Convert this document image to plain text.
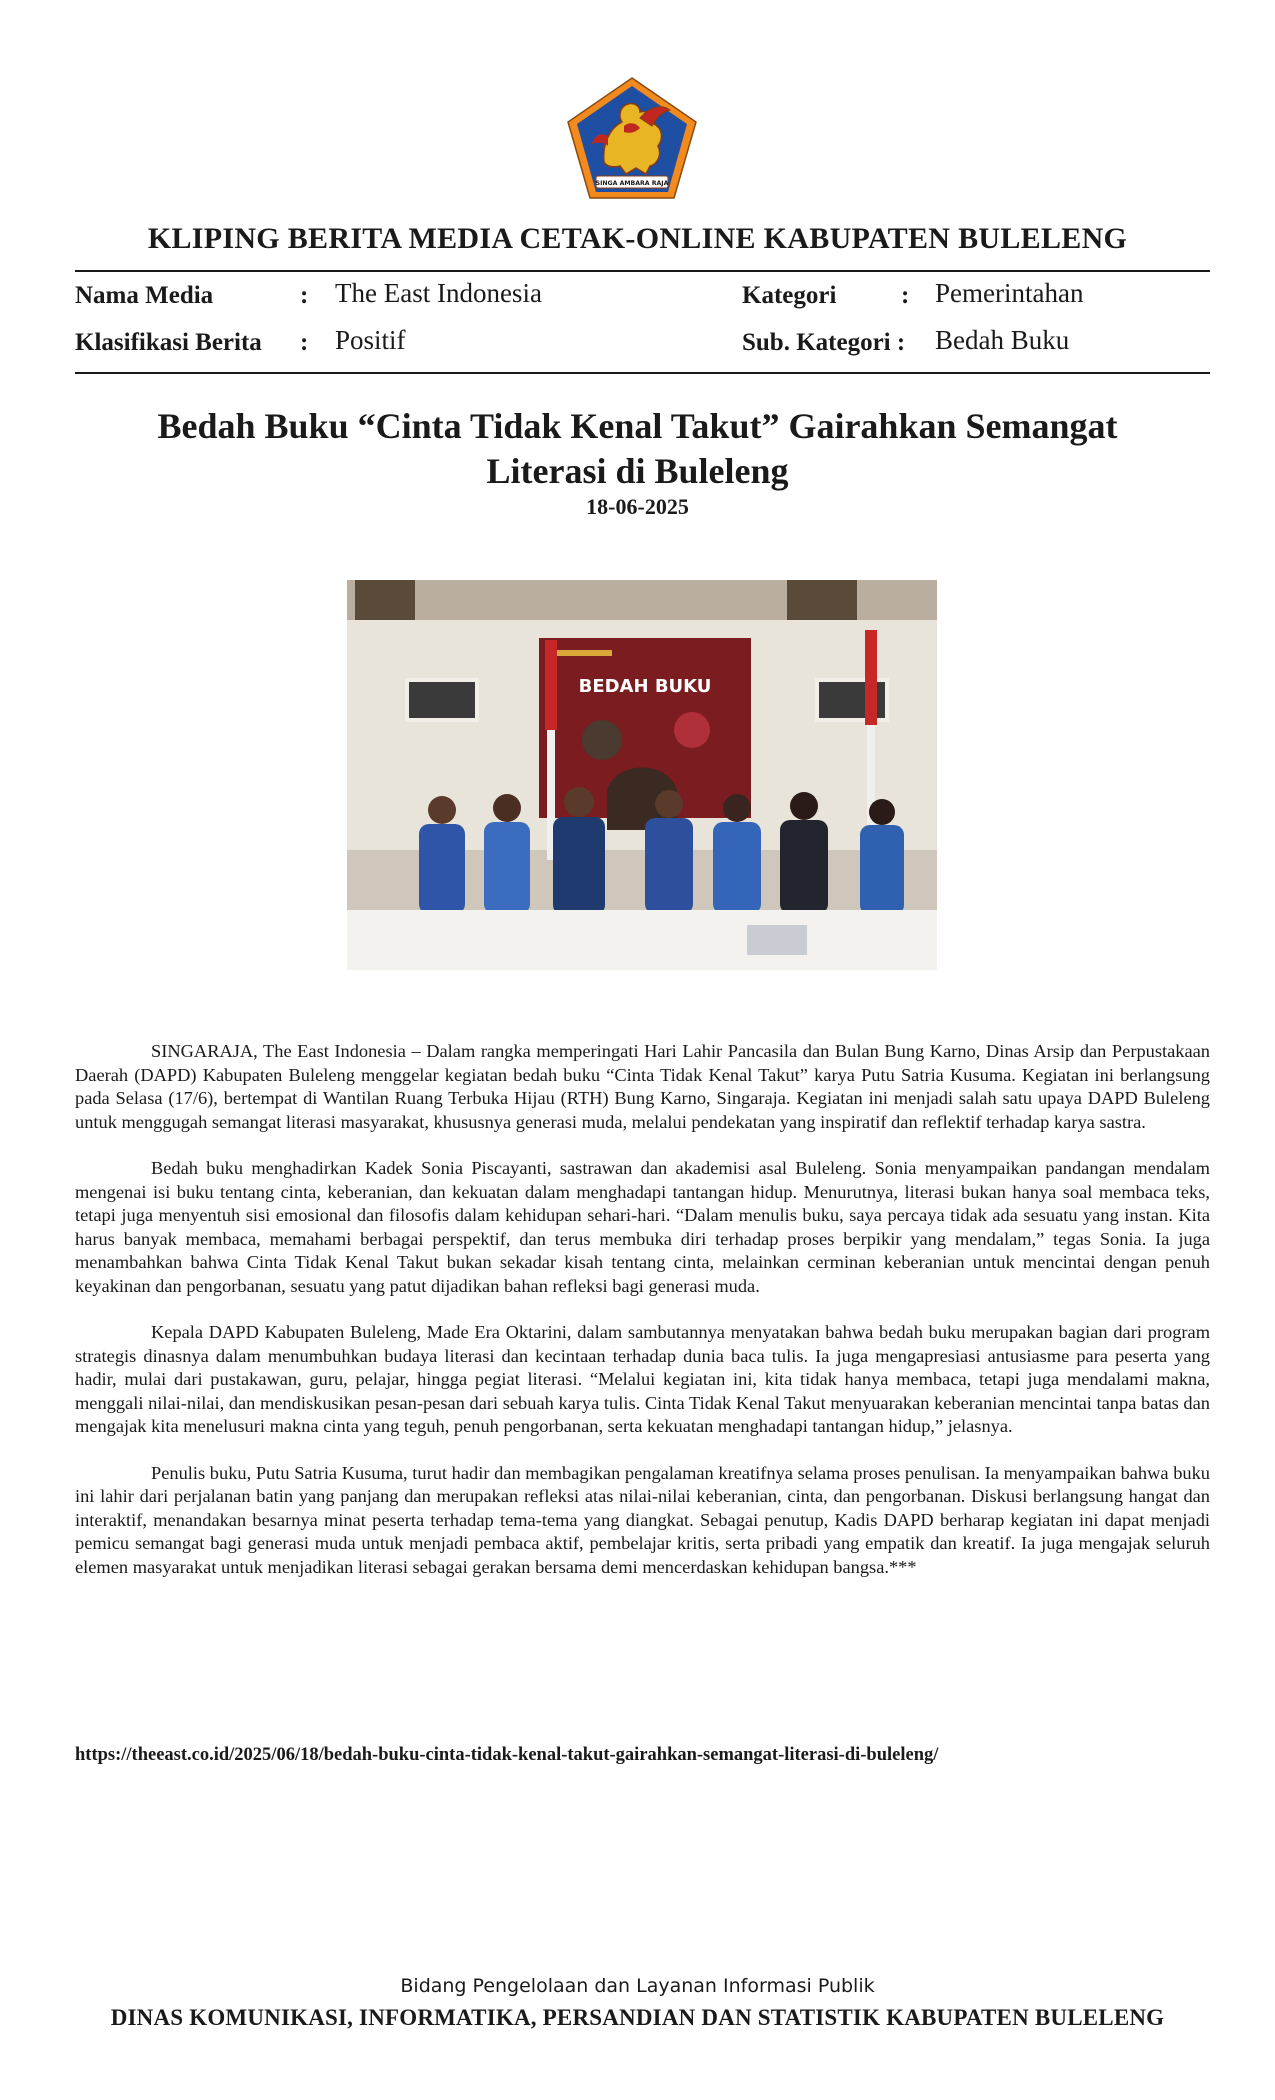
SINGA AMBARA RAJA
KLIPING BERITA MEDIA CETAK-ONLINE KABUPATEN BULELENG
Nama Media	: The East Indonesia	Kategori	: Pemerintahan
Klasifikasi Berita : Positif	Sub. Kategori : Bedah Buku
Bedah Buku “Cinta Tidak Kenal Takut” Gairahkan Semangat
Literasi di Buleleng
18-06-2025
BEDAH BUKU

SINGARAJA, The East Indonesia – Dalam rangka memperingati Hari Lahir Pancasila dan Bulan Bung Karno, Dinas Arsip dan Perpustakaan Daerah (DAPD) Kabupaten Buleleng menggelar kegiatan bedah buku “Cinta Tidak Kenal Takut” karya Putu Satria Kusuma. Kegiatan ini berlangsung pada Selasa (17/6), bertempat di Wantilan Ruang Terbuka Hijau (RTH) Bung Karno, Singaraja. Kegiatan ini menjadi salah satu upaya DAPD Buleleng untuk menggugah semangat literasi masyarakat, khususnya generasi muda, melalui pendekatan yang inspiratif dan reflektif terhadap karya sastra.

Bedah buku menghadirkan Kadek Sonia Piscayanti, sastrawan dan akademisi asal Buleleng. Sonia menyampaikan pandangan mendalam mengenai isi buku tentang cinta, keberanian, dan kekuatan dalam menghadapi tantangan hidup. Menurutnya, literasi bukan hanya soal membaca teks, tetapi juga menyentuh sisi emosional dan filosofis dalam kehidupan sehari-hari. “Dalam menulis buku, saya percaya tidak ada sesuatu yang instan. Kita harus banyak membaca, memahami berbagai perspektif, dan terus membuka diri terhadap proses berpikir yang mendalam,” tegas Sonia. Ia juga menambahkan bahwa Cinta Tidak Kenal Takut bukan sekadar kisah tentang cinta, melainkan cerminan keberanian untuk mencintai dengan penuh keyakinan dan pengorbanan, sesuatu yang patut dijadikan bahan refleksi bagi generasi muda.

Kepala DAPD Kabupaten Buleleng, Made Era Oktarini, dalam sambutannya menyatakan bahwa bedah buku merupakan bagian dari program strategis dinasnya dalam menumbuhkan budaya literasi dan kecintaan terhadap dunia baca tulis. Ia juga mengapresiasi antusiasme para peserta yang hadir, mulai dari pustakawan, guru, pelajar, hingga pegiat literasi. “Melalui kegiatan ini, kita tidak hanya membaca, tetapi juga mendalami makna, menggali nilai-nilai, dan mendiskusikan pesan-pesan dari sebuah karya tulis. Cinta Tidak Kenal Takut menyuarakan keberanian mencintai tanpa batas dan mengajak kita menelusuri makna cinta yang teguh, penuh pengorbanan, serta kekuatan menghadapi tantangan hidup,” jelasnya.

Penulis buku, Putu Satria Kusuma, turut hadir dan membagikan pengalaman kreatifnya selama proses penulisan. Ia menyampaikan bahwa buku ini lahir dari perjalanan batin yang panjang dan merupakan refleksi atas nilai-nilai keberanian, cinta, dan pengorbanan. Diskusi berlangsung hangat dan interaktif, menandakan besarnya minat peserta terhadap tema-tema yang diangkat. Sebagai penutup, Kadis DAPD berharap kegiatan ini dapat menjadi pemicu semangat bagi generasi muda untuk menjadi pembaca aktif, pembelajar kritis, serta pribadi yang empatik dan kreatif. Ia juga mengajak seluruh elemen masyarakat untuk menjadikan literasi sebagai gerakan bersama demi mencerdaskan kehidupan bangsa.***

https://theeast.co.id/2025/06/18/bedah-buku-cinta-tidak-kenal-takut-gairahkan-semangat-literasi-di-buleleng/
Bidang Pengelolaan dan Layanan Informasi Publik
DINAS KOMUNIKASI, INFORMATIKA, PERSANDIAN DAN STATISTIK KABUPATEN BULELENG
